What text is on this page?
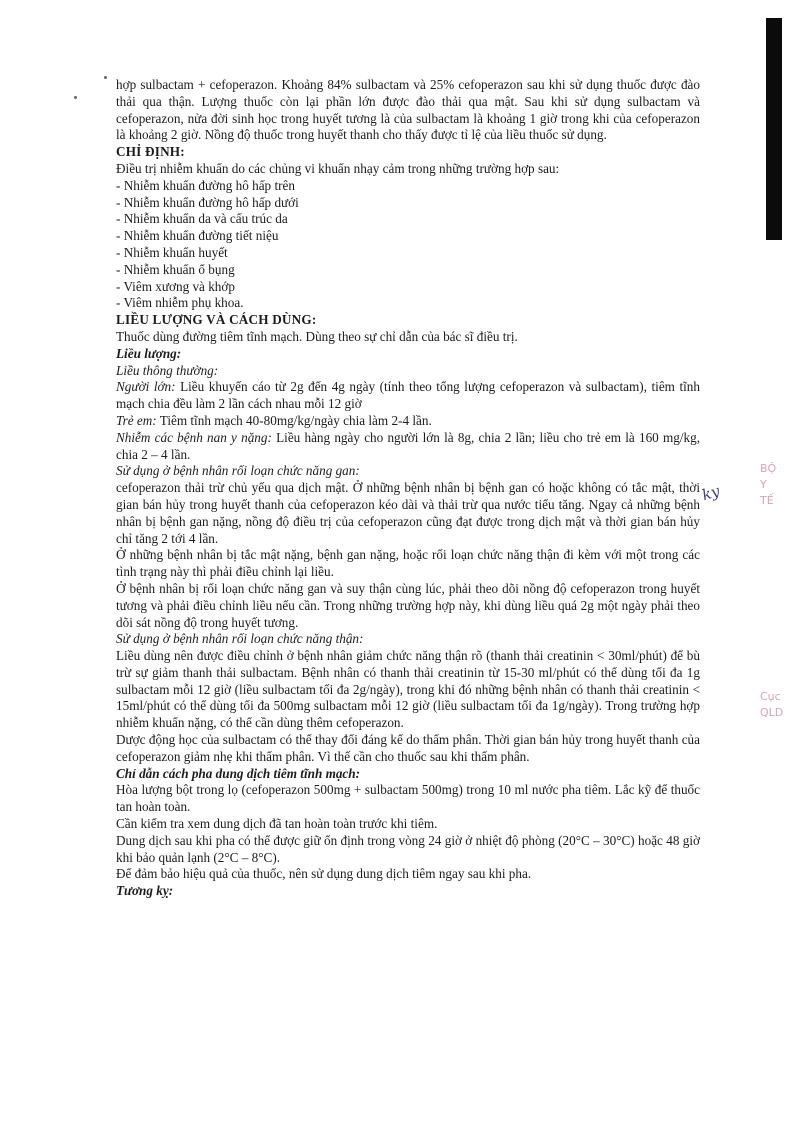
hợp sulbactam + cefoperazon. Khoảng 84% sulbactam và 25% cefoperazon sau khi sử dụng thuốc được đào thải qua thận. Lượng thuốc còn lại phần lớn được đào thải qua mật. Sau khi sử dụng sulbactam và cefoperazon, nửa đời sinh học trong huyết tương là của sulbactam là khoảng 1 giờ trong khi của cefoperazon là khoảng 2 giờ. Nồng độ thuốc trong huyết thanh cho thấy được tỉ lệ của liều thuốc sử dụng.
CHỈ ĐỊNH:
Điều trị nhiễm khuẩn do các chủng vi khuẩn nhạy cảm trong những trường hợp sau:
- Nhiễm khuẩn đường hô hấp trên
- Nhiễm khuẩn đường hô hấp dưới
- Nhiễm khuẩn da và cấu trúc da
- Nhiễm khuẩn đường tiết niệu
- Nhiễm khuẩn huyết
- Nhiễm khuẩn ổ bụng
- Viêm xương và khớp
- Viêm nhiễm phụ khoa.
LIỀU LƯỢNG VÀ CÁCH DÙNG:
Thuốc dùng đường tiêm tĩnh mạch. Dùng theo sự chỉ dẫn của bác sĩ điều trị.
Liều lượng:
Liều thông thường:
Người lớn: Liều khuyến cáo từ 2g đến 4g ngày (tính theo tổng lượng cefoperazon và sulbactam), tiêm tĩnh mạch chia đều làm 2 lần cách nhau mỗi 12 giờ
Trẻ em: Tiêm tĩnh mạch 40-80mg/kg/ngày chia làm 2-4 lần.
Nhiễm các bệnh nan y nặng: Liều hàng ngày cho người lớn là 8g, chia 2 lần; liều cho trẻ em là 160 mg/kg, chia 2 – 4 lần.
Sử dụng ở bệnh nhân rối loạn chức năng gan:
cefoperazon thải trừ chủ yếu qua dịch mật. Ở những bệnh nhân bị bệnh gan có hoặc không có tắc mật, thời gian bán hủy trong huyết thanh của cefoperazon kéo dài và thải trừ qua nước tiểu tăng. Ngay cả những bệnh nhân bị bệnh gan nặng, nồng độ điều trị của cefoperazon cũng đạt được trong dịch mật và thời gian bán hủy chỉ tăng 2 tới 4 lần.
Ở những bệnh nhân bị tắc mật nặng, bệnh gan nặng, hoặc rối loạn chức năng thận đi kèm với một trong các tình trạng này thì phải điều chỉnh lại liều.
Ở bệnh nhân bị rối loạn chức năng gan và suy thận cùng lúc, phải theo dõi nồng độ cefoperazon trong huyết tương và phải điều chỉnh liều nếu cần. Trong những trường hợp này, khi dùng liều quá 2g một ngày phải theo dõi sát nồng độ trong huyết tương.
Sử dụng ở bệnh nhân rối loạn chức năng thận:
Liều dùng nên được điều chỉnh ở bệnh nhân giảm chức năng thận rõ (thanh thải creatinin < 30ml/phút) để bù trừ sự giảm thanh thải sulbactam. Bệnh nhân có thanh thải creatinin từ 15-30 ml/phút có thể dùng tối đa 1g sulbactam mỗi 12 giờ (liều sulbactam tối đa 2g/ngày), trong khi đó những bệnh nhân có thanh thải creatinin < 15ml/phút có thể dùng tối đa 500mg sulbactam mỗi 12 giờ (liều sulbactam tối đa 1g/ngày). Trong trường hợp nhiễm khuẩn nặng, có thể cần dùng thêm cefoperazon.
Dược động học của sulbactam có thể thay đổi đáng kể do thẩm phân. Thời gian bán hủy trong huyết thanh của cefoperazon giảm nhẹ khi thẩm phân. Vì thế cần cho thuốc sau khi thẩm phân.
Chỉ dẫn cách pha dung dịch tiêm tĩnh mạch:
Hòa lượng bột trong lọ (cefoperazon 500mg + sulbactam 500mg) trong 10 ml nước pha tiêm. Lắc kỹ để thuốc tan hoàn toàn.
Cần kiểm tra xem dung dịch đã tan hoàn toàn trước khi tiêm.
Dung dịch sau khi pha có thể được giữ ổn định trong vòng 24 giờ ở nhiệt độ phòng (20°C – 30°C) hoặc 48 giờ khi bảo quản lạnh (2°C – 8°C).
Để đảm bảo hiệu quả của thuốc, nên sử dụng dung dịch tiêm ngay sau khi pha.
Tương kỵ:
ky
BỘ
Y
TẾ
Cục
QLD
